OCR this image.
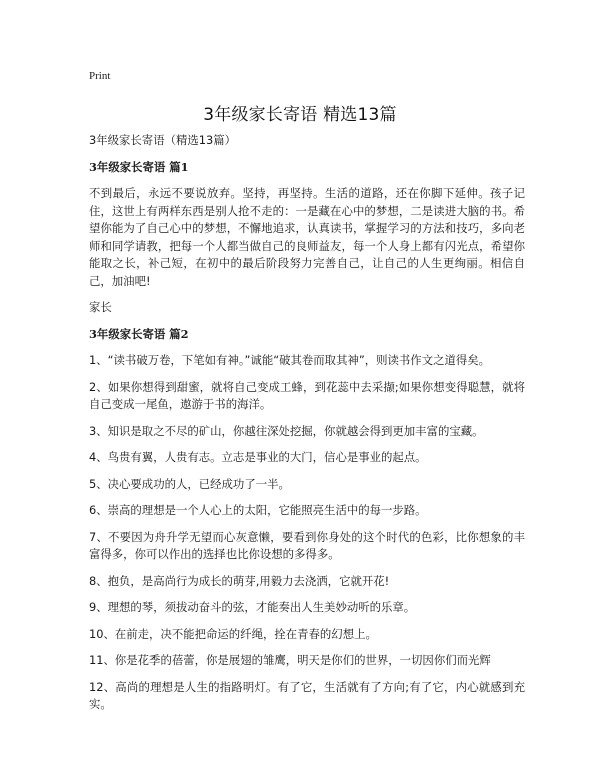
Print
3年级家长寄语 精选13篇

3年级家长寄语（精选13篇）

3年级家长寄语 篇1

不到最后，永远不要说放弃。坚持，再坚持。生活的道路，还在你脚下延伸。孩子记住，这世上有两样东西是别人抢不走的：一是藏在心中的梦想，二是读进大脑的书。希望你能为了自己心中的梦想，不懈地追求，认真读书，掌握学习的方法和技巧，多向老师和同学请教，把每一个人都当做自己的良师益友，每一个人身上都有闪光点，希望你能取之长，补己短，在初中的最后阶段努力完善自己，让自己的人生更绚丽。相信自己，加油吧!

家长

3年级家长寄语 篇2

1、“读书破万卷，下笔如有神。”诚能“破其卷而取其神”，则读书作文之道得矣。

2、如果你想得到甜蜜，就将自己变成工蜂，到花蕊中去采撷;如果你想变得聪慧，就将自己变成一尾鱼，遨游于书的海洋。

3、知识是取之不尽的矿山，你越往深处挖掘，你就越会得到更加丰富的宝藏。

4、鸟贵有翼，人贵有志。立志是事业的大门，信心是事业的起点。

5、决心要成功的人，已经成功了一半。

6、崇高的理想是一个人心上的太阳，它能照亮生活中的每一步路。

7、不要因为舟升学无望而心灰意懒，要看到你身处的这个时代的色彩，比你想象的丰富得多，你可以作出的选择也比你设想的多得多。

8、抱负，是高尚行为成长的萌芽,用毅力去浇洒，它就开花!

9、理想的琴，须拔动奋斗的弦，才能奏出人生美妙动听的乐章。

10、在前走，决不能把命运的纤绳，拴在青春的幻想上。

11、你是花季的蓓蕾，你是展翅的雏鹰，明天是你们的世界，一切因你们而光辉

12、高尚的理想是人生的指路明灯。有了它，生活就有了方向;有了它，内心就感到充实。
